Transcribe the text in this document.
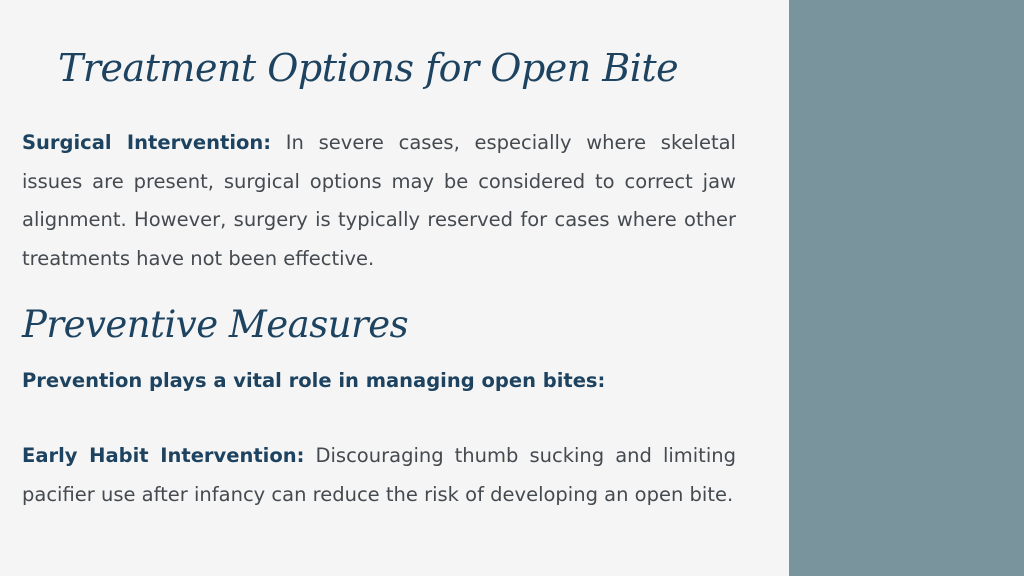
Treatment Options for Open Bite

Surgical Intervention: In severe cases, especially where skeletal issues are present, surgical options may be considered to correct jaw alignment. However, surgery is typically reserved for cases where other treatments have not been effective.

Preventive Measures

Prevention plays a vital role in managing open bites:

Early Habit Intervention: Discouraging thumb sucking and limiting pacifier use after infancy can reduce the risk of developing an open bite.
